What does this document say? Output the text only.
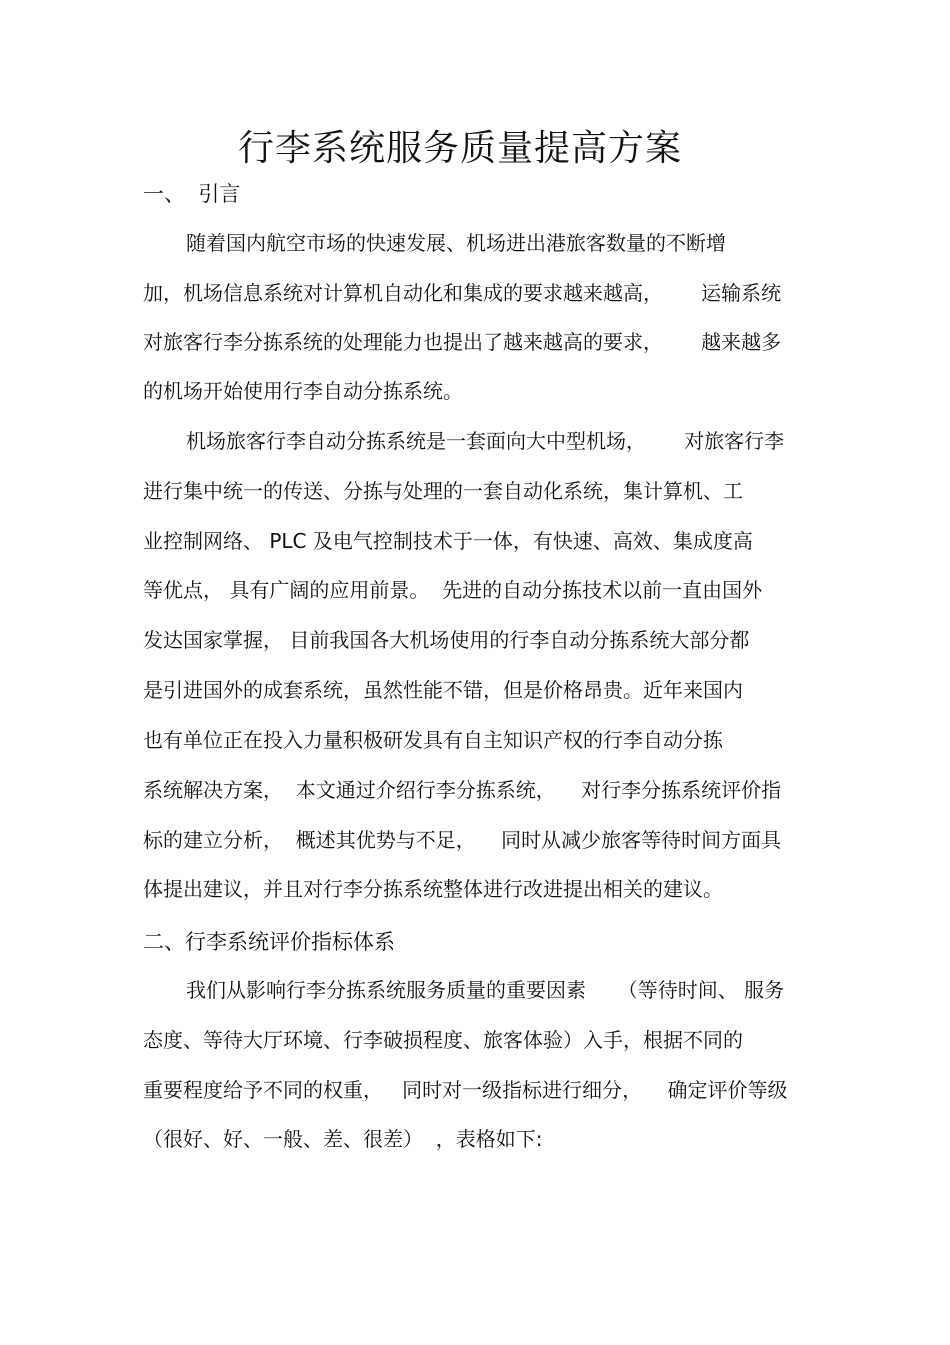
行李系统服务质量提高方案
一、  引言
随着国内航空市场的快速发展、机场进出港旅客数量的不断增
加，机场信息系统对计算机自动化和集成的要求越来越高，      运输系统
对旅客行李分拣系统的处理能力也提出了越来越高的要求，      越来越多
的机场开始使用行李自动分拣系统。
机场旅客行李自动分拣系统是一套面向大中型机场，      对旅客行李
进行集中统一的传送、分拣与处理的一套自动化系统，集计算机、工
业控制网络、 PLC 及电气控制技术于一体，有快速、高效、集成度高
等优点， 具有广阔的应用前景。  先进的自动分拣技术以前一直由国外
发达国家掌握， 目前我国各大机场使用的行李自动分拣系统大部分都
是引进国外的成套系统，虽然性能不错，但是价格昂贵。近年来国内
也有单位正在投入力量积极研发具有自主知识产权的行李自动分拣
系统解决方案，  本文通过介绍行李分拣系统，    对行李分拣系统评价指
标的建立分析，  概述其优势与不足，    同时从减少旅客等待时间方面具
体提出建议，并且对行李分拣系统整体进行改进提出相关的建议。
二、行李系统评价指标体系
我们从影响行李分拣系统服务质量的重要因素     （等待时间、 服务
态度、等待大厅环境、行李破损程度、旅客体验）入手，根据不同的
重要程度给予不同的权重，   同时对一级指标进行细分，    确定评价等级
（很好、好、一般、差、很差）  ，表格如下:
